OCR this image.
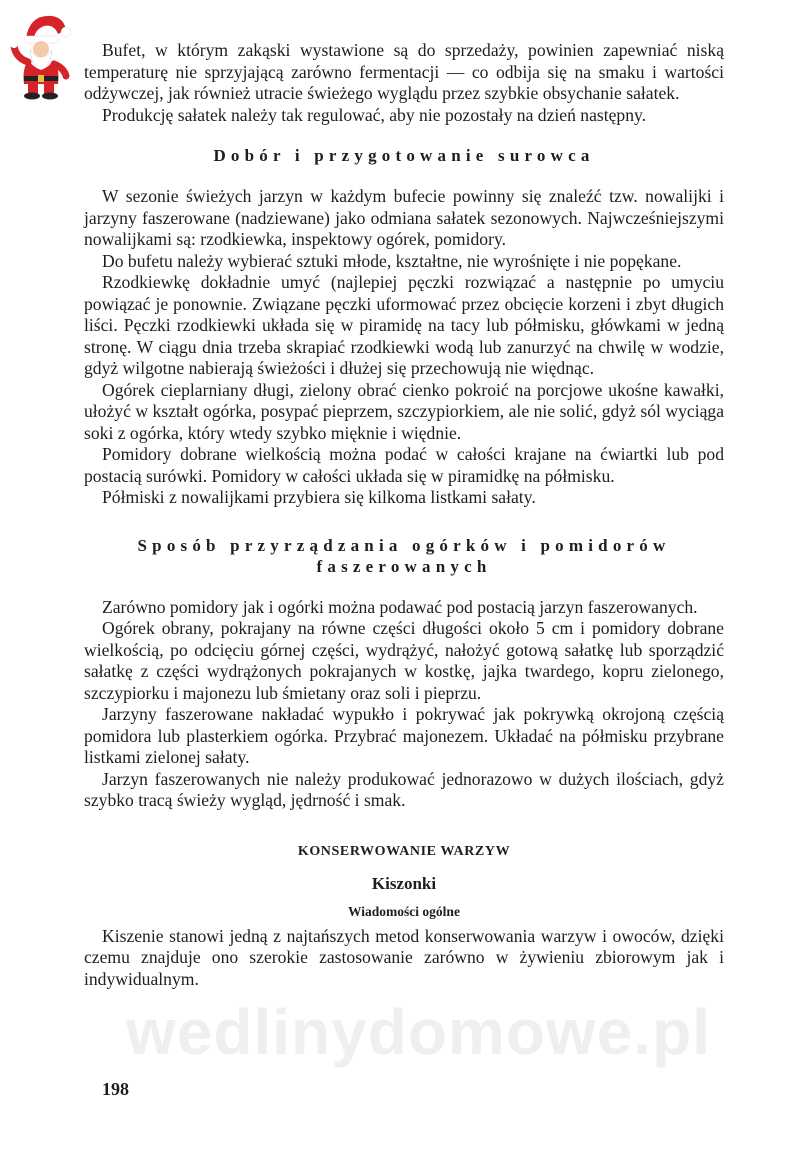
Bufet, w którym zakąski wystawione są do sprzedaży, powinien zapewniać niską temperaturę nie sprzyjającą zarówno fermentacji — co odbija się na smaku i wartości odżywczej, jak również utracie świeżego wyglądu przez szybkie obsychanie sałatek.

Produkcję sałatek należy tak regulować, aby nie pozostały na dzień następny.

Dobór i przygotowanie surowca

W sezonie świeżych jarzyn w każdym bufecie powinny się znaleźć tzw. nowalijki i jarzyny faszerowane (nadziewane) jako odmiana sałatek sezonowych. Najwcześniejszymi nowalijkami są: rzodkiewka, inspektowy ogórek, pomidory.

Do bufetu należy wybierać sztuki młode, kształtne, nie wyrośnięte i nie popękane.

Rzodkiewkę dokładnie umyć (najlepiej pęczki rozwiązać a następnie po umyciu powiązać je ponownie. Związane pęczki uformować przez obcięcie korzeni i zbyt długich liści. Pęczki rzodkiewki układa się w piramidę na tacy lub półmisku, główkami w jedną stronę. W ciągu dnia trzeba skrapiać rzodkiewki wodą lub zanurzyć na chwilę w wodzie, gdyż wilgotne nabierają świeżości i dłużej się przechowują nie więdnąc.

Ogórek cieplarniany długi, zielony obrać cienko pokroić na porcjowe ukośne kawałki, ułożyć w kształt ogórka, posypać pieprzem, szczypiorkiem, ale nie solić, gdyż sól wyciąga soki z ogórka, który wtedy szybko mięknie i więdnie.

Pomidory dobrane wielkością można podać w całości krajane na ćwiartki lub pod postacią surówki. Pomidory w całości układa się w piramidkę na półmisku.

Półmiski z nowalijkami przybiera się kilkoma listkami sałaty.

Sposób przyrządzania ogórków i pomidorów
faszerowanych

Zarówno pomidory jak i ogórki można podawać pod postacią jarzyn faszerowanych.

Ogórek obrany, pokrajany na równe części długości około 5 cm i pomidory dobrane wielkością, po odcięciu górnej części, wydrążyć, nałożyć gotową sałatkę lub sporządzić sałatkę z części wydrążonych pokrajanych w kostkę, jajka twardego, kopru zielonego, szczypiorku i majonezu lub śmietany oraz soli i pieprzu.

Jarzyny faszerowane nakładać wypukło i pokrywać jak pokrywką okrojoną częścią pomidora lub plasterkiem ogórka. Przybrać majonezem. Układać na półmisku przybrane listkami zielonej sałaty.

Jarzyn faszerowanych nie należy produkować jednorazowo w dużych ilościach, gdyż szybko tracą świeży wygląd, jędrność i smak.

KONSERWOWANIE WARZYW
Kiszonki
Wiadomości ogólne

Kiszenie stanowi jedną z najtańszych metod konserwowania warzyw i owoców, dzięki czemu znajduje ono szerokie zastosowanie zarówno w żywieniu zbiorowym jak i indywidualnym.

wedlinydomowe.pl

198
